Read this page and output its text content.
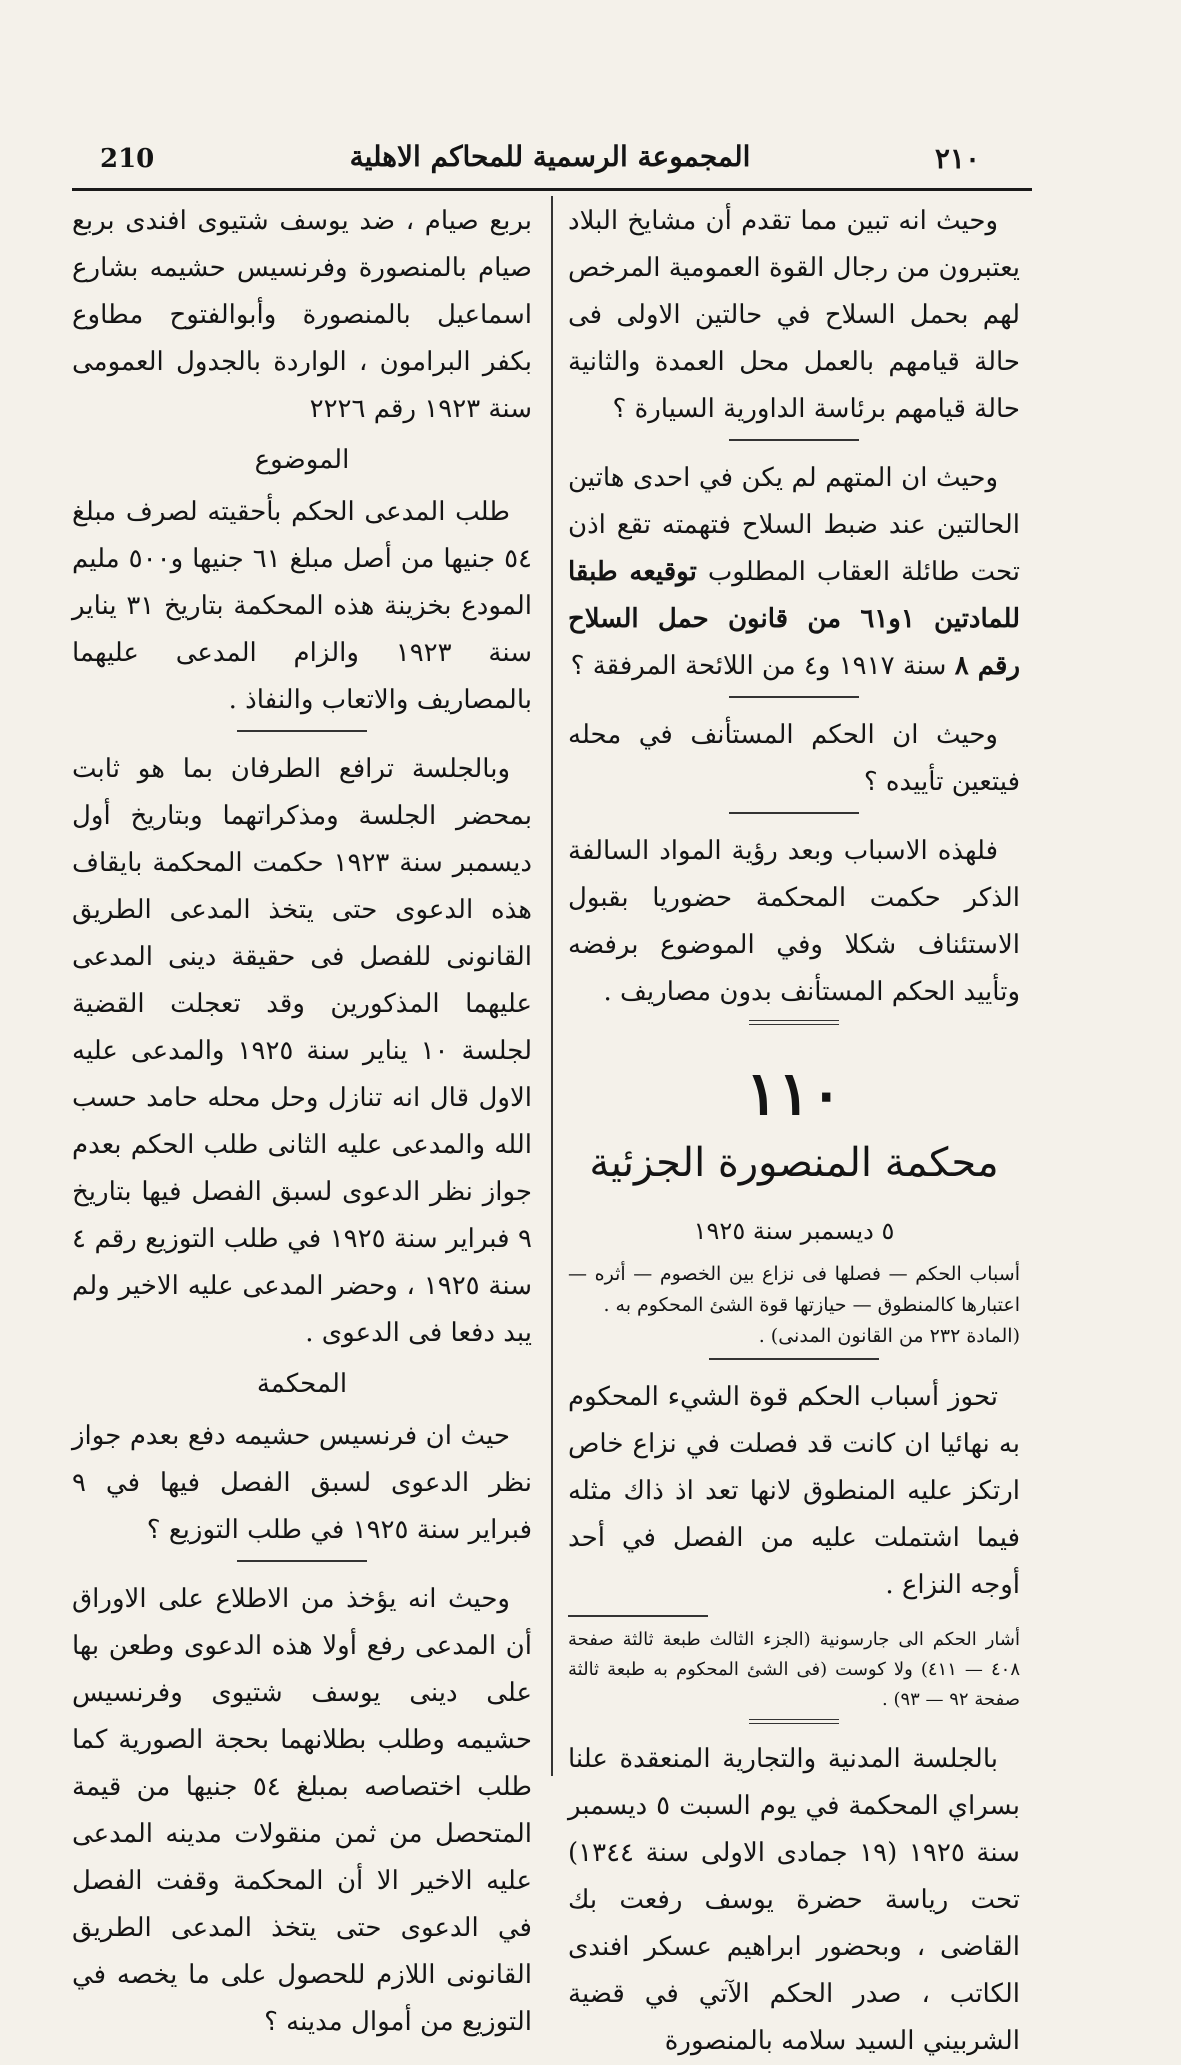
210	المجموعة الرسمية للمحاكم الاهلية	٢١٠

وحيث انه تبين مما تقدم أن مشايخ البلاد يعتبرون من رجال القوة العمومية المرخص لهم بحمل السلاح في حالتين الاولى فى حالة قيامهم بالعمل محل العمدة والثانية حالة قيامهم برئاسة الداورية السيارة ؟

وحيث ان المتهم لم يكن في احدى هاتين الحالتين عند ضبط السلاح فتهمته تقع اذن تحت طائلة العقاب المطلوب توقيعه طبقا للمادتين ١و٦١ من قانون حمل السلاح رقم ٨ سنة ١٩١٧ و٤ من اللائحة المرفقة ؟

وحيث ان الحكم المستأنف في محله فيتعين تأييده ؟

فلهذه الاسباب وبعد رؤية المواد السالفة الذكر حكمت المحكمة حضوريا بقبول الاستئناف شكلا وفي الموضوع برفضه وتأييد الحكم المستأنف بدون مصاريف .

١١٠
محكمة المنصورة الجزئية
٥ ديسمبر سنة ١٩٢٥

أسباب الحكم — فصلها فى نزاع بين الخصوم — أثره — اعتبارها كالمنطوق — حيازتها قوة الشئ المحكوم به .

(المادة ٢٣٢ من القانون المدنى) .

تحوز أسباب الحكم قوة الشيء المحكوم به نهائيا ان كانت قد فصلت في نزاع خاص ارتكز عليه المنطوق لانها تعد اذ ذاك مثله فيما اشتملت عليه من الفصل في أحد أوجه النزاع .

أشار الحكم الى جارسونية (الجزء الثالث طبعة ثالثة صفحة ٤٠٨ — ٤١١) ولا كوست (فى الشئ المحكوم به طبعة ثالثة صفحة ٩٢ — ٩٣) .

بالجلسة المدنية والتجارية المنعقدة علنا بسراي المحكمة في يوم السبت ٥ ديسمبر سنة ١٩٢٥ (١٩ جمادى الاولى سنة ١٣٤٤) تحت رياسة حضرة يوسف رفعت بك القاضى ، وبحضور ابراهيم عسكر افندى الكاتب ، صدر الحكم الآتي في قضية الشربيني السيد سلامه بالمنصورة

بربع صيام ، ضد يوسف شتيوى افندى بربع صيام بالمنصورة وفرنسيس حشيمه بشارع اسماعيل بالمنصورة وأبوالفتوح مطاوع بكفر البرامون ، الواردة بالجدول العمومى سنة ١٩٢٣ رقم ٢٢٢٦

الموضوع

طلب المدعى الحكم بأحقيته لصرف مبلغ ٥٤ جنيها من أصل مبلغ ٦١ جنيها و٥٠٠ مليم المودع بخزينة هذه المحكمة بتاريخ ٣١ يناير سنة ١٩٢٣ والزام المدعى عليهما بالمصاريف والاتعاب والنفاذ .

وبالجلسة ترافع الطرفان بما هو ثابت بمحضر الجلسة ومذكراتهما وبتاريخ أول ديسمبر سنة ١٩٢٣ حكمت المحكمة بايقاف هذه الدعوى حتى يتخذ المدعى الطريق القانونى للفصل فى حقيقة دينى المدعى عليهما المذكورين وقد تعجلت القضية لجلسة ١٠ يناير سنة ١٩٢٥ والمدعى عليه الاول قال انه تنازل وحل محله حامد حسب الله والمدعى عليه الثانى طلب الحكم بعدم جواز نظر الدعوى لسبق الفصل فيها بتاريخ ٩ فبراير سنة ١٩٢٥ في طلب التوزيع رقم ٤ سنة ١٩٢٥ ، وحضر المدعى عليه الاخير ولم يبد دفعا فى الدعوى .

المحكمة

حيث ان فرنسيس حشيمه دفع بعدم جواز نظر الدعوى لسبق الفصل فيها في ٩ فبراير سنة ١٩٢٥ في طلب التوزيع ؟

وحيث انه يؤخذ من الاطلاع على الاوراق أن المدعى رفع أولا هذه الدعوى وطعن بها على دينى يوسف شتيوى وفرنسيس حشيمه وطلب بطلانهما بحجة الصورية كما طلب اختصاصه بمبلغ ٥٤ جنيها من قيمة المتحصل من ثمن منقولات مدينه المدعى عليه الاخير الا أن المحكمة وقفت الفصل في الدعوى حتى يتخذ المدعى الطريق القانونى اللازم للحصول على ما يخصه في التوزيع من أموال مدينه ؟
